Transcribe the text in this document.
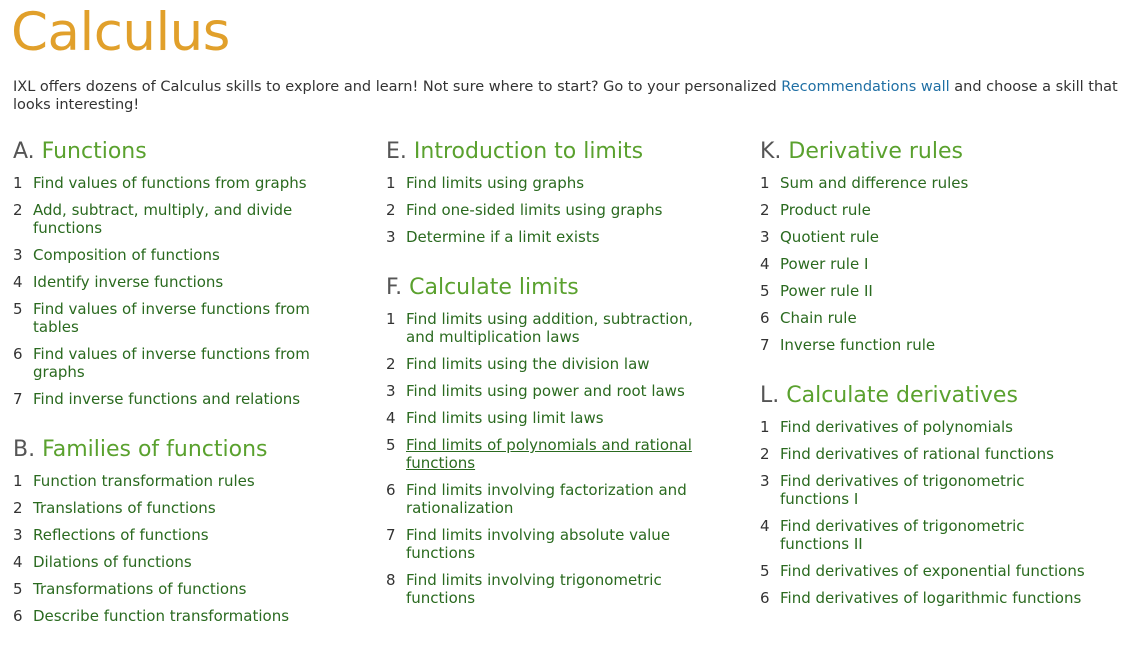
Calculus
IXL offers dozens of Calculus skills to explore and learn! Not sure where to start? Go to your personalized Recommendations wall and choose a skill that looks interesting!
A. Functions
1 Find values of functions from graphs
2 Add, subtract, multiply, and divide functions
3 Composition of functions
4 Identify inverse functions
5 Find values of inverse functions from tables
6 Find values of inverse functions from graphs
7 Find inverse functions and relations
B. Families of functions
1 Function transformation rules
2 Translations of functions
3 Reflections of functions
4 Dilations of functions
5 Transformations of functions
6 Describe function transformations
E. Introduction to limits
1 Find limits using graphs
2 Find one-sided limits using graphs
3 Determine if a limit exists
F. Calculate limits
1 Find limits using addition, subtraction, and multiplication laws
2 Find limits using the division law
3 Find limits using power and root laws
4 Find limits using limit laws
5 Find limits of polynomials and rational functions
6 Find limits involving factorization and rationalization
7 Find limits involving absolute value functions
8 Find limits involving trigonometric functions
K. Derivative rules
1 Sum and difference rules
2 Product rule
3 Quotient rule
4 Power rule I
5 Power rule II
6 Chain rule
7 Inverse function rule
L. Calculate derivatives
1 Find derivatives of polynomials
2 Find derivatives of rational functions
3 Find derivatives of trigonometric functions I
4 Find derivatives of trigonometric functions II
5 Find derivatives of exponential functions
6 Find derivatives of logarithmic functions
